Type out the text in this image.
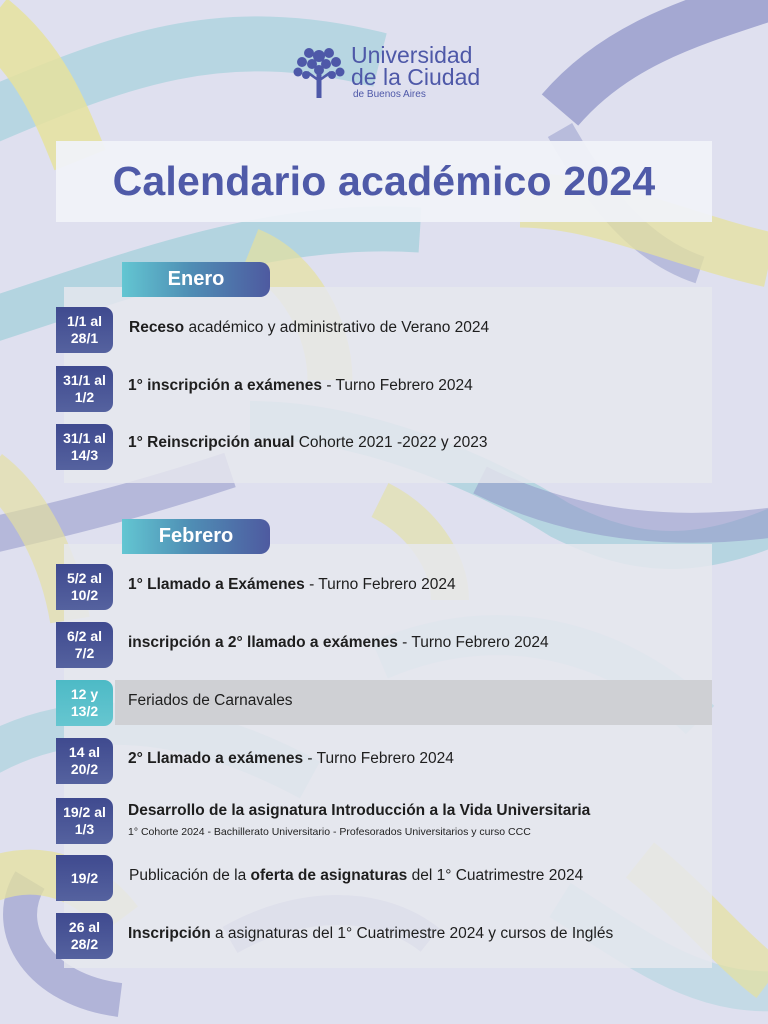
Universidad
de la Ciudad
de Buenos Aires
Calendario académico 2024
Enero
1/1 al
28/1
Receso académico y administrativo de Verano 2024
31/1 al
1/2
1° inscripción a exámenes - Turno Febrero 2024
31/1 al
14/3
1° Reinscripción anual Cohorte 2021 -2022 y 2023
Febrero
5/2 al
10/2
1° Llamado a Exámenes - Turno Febrero 2024
6/2 al
7/2
inscripción a 2° llamado a exámenes - Turno Febrero 2024
12 y
13/2
Feriados de Carnavales
14 al
20/2
2° Llamado a exámenes - Turno Febrero 2024
19/2 al
1/3
Desarrollo de la asignatura Introducción a la Vida Universitaria
1° Cohorte 2024 - Bachillerato Universitario - Profesorados Universitarios y curso CCC
19/2 Publicación de la oferta de asignaturas del 1° Cuatrimestre 2024
26 al
28/2
Inscripción a asignaturas del 1° Cuatrimestre 2024 y cursos de Inglés
